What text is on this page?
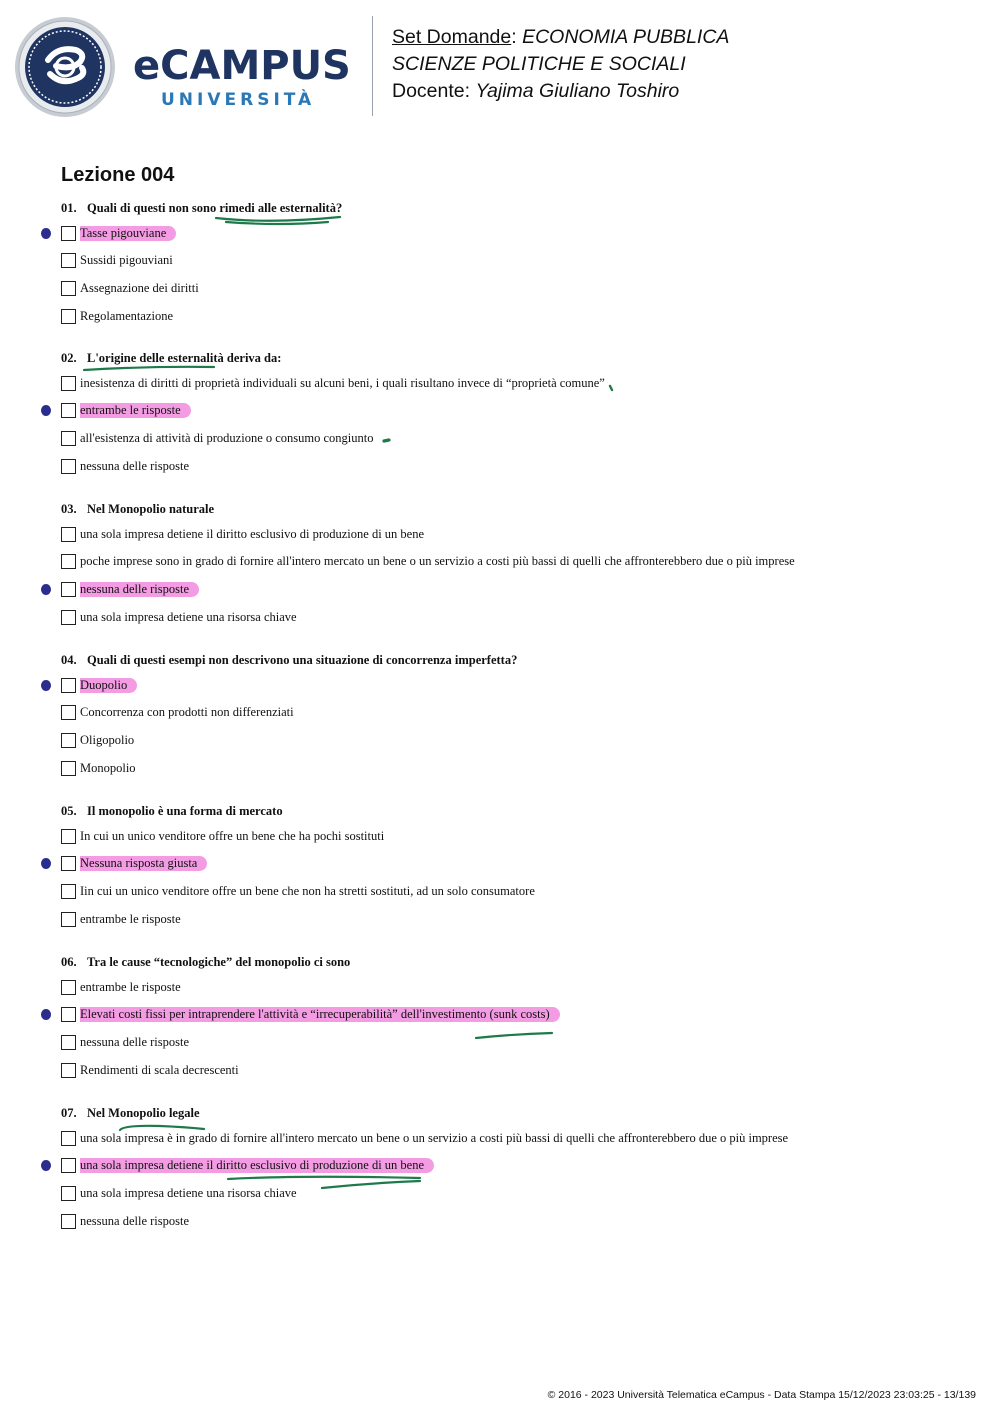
eCAMPUS
UNIVERSITÀ
Set Domande: ECONOMIA PUBBLICA
SCIENZE POLITICHE E SOCIALI
Docente: Yajima Giuliano Toshiro
Lezione 004
01. Quali di questi non sono rimedi alle esternalità?
Tasse pigouviane
Sussidi pigouviani
Assegnazione dei diritti
Regolamentazione
02. L'origine delle esternalità deriva da:
inesistenza di diritti di proprietà individuali su alcuni beni, i quali risultano invece di “proprietà comune”
entrambe le risposte
all'esistenza di attività di produzione o consumo congiunto
nessuna delle risposte
03. Nel Monopolio naturale
una sola impresa detiene il diritto esclusivo di produzione di un bene
poche imprese sono in grado di fornire all'intero mercato un bene o un servizio a costi più bassi di quelli che affronterebbero due o più imprese
nessuna delle risposte
una sola impresa detiene una risorsa chiave
04. Quali di questi esempi non descrivono una situazione di concorrenza imperfetta?
Duopolio
Concorrenza con prodotti non differenziati
Oligopolio
Monopolio
05. Il monopolio è una forma di mercato
In cui un unico venditore offre un bene che ha pochi sostituti
Nessuna risposta giusta
Iin cui un unico venditore offre un bene che non ha stretti sostituti, ad un solo consumatore
entrambe le risposte
06. Tra le cause “tecnologiche” del monopolio ci sono
entrambe le risposte
Elevati costi fissi per intraprendere l'attività e “irrecuperabilità” dell'investimento (sunk costs)
nessuna delle risposte
Rendimenti di scala decrescenti
07. Nel Monopolio legale
una sola impresa è in grado di fornire all'intero mercato un bene o un servizio a costi più bassi di quelli che affronterebbero due o più imprese
una sola impresa detiene il diritto esclusivo di produzione di un bene
una sola impresa detiene una risorsa chiave
nessuna delle risposte
© 2016 - 2023 Università Telematica eCampus - Data Stampa 15/12/2023 23:03:25 - 13/139
